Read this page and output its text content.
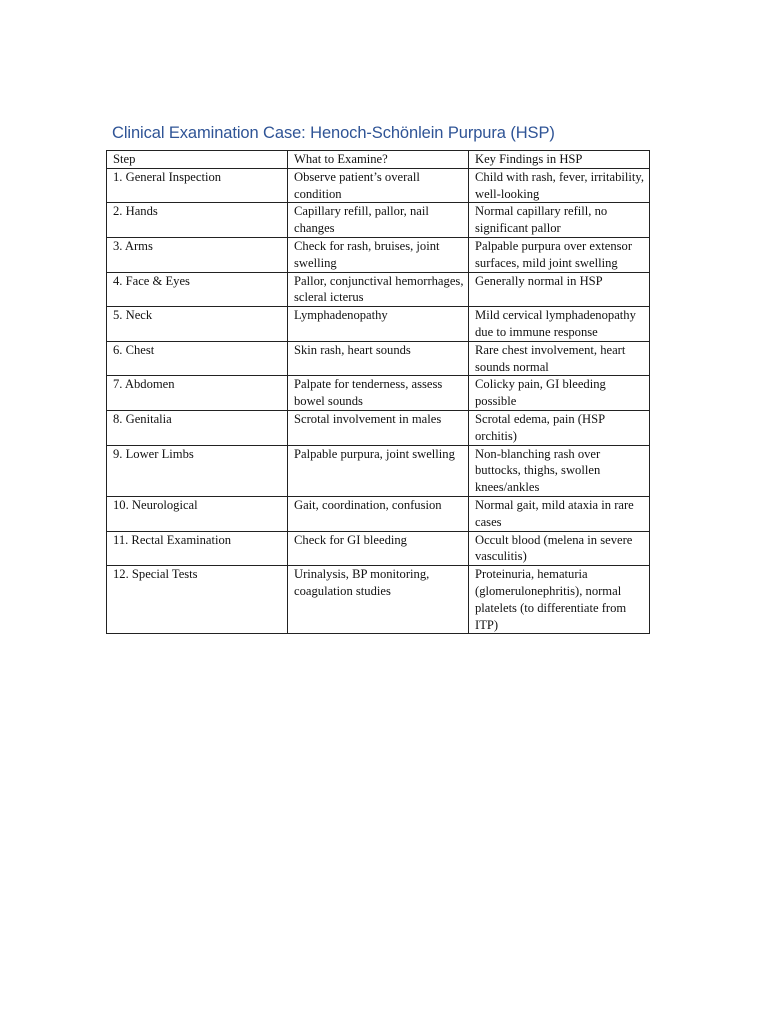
Clinical Examination Case: Henoch-Schönlein Purpura (HSP)
Step	What to Examine?	Key Findings in HSP
1. General Inspection	Observe patient’s overall condition	Child with rash, fever, irritability, well-looking
2. Hands	Capillary refill, pallor, nail changes	Normal capillary refill, no significant pallor
3. Arms	Check for rash, bruises, joint swelling	Palpable purpura over extensor surfaces, mild joint swelling
4. Face & Eyes	Pallor, conjunctival hemorrhages, scleral icterus	Generally normal in HSP
5. Neck	Lymphadenopathy	Mild cervical lymphadenopathy due to immune response
6. Chest	Skin rash, heart sounds	Rare chest involvement, heart sounds normal
7. Abdomen	Palpate for tenderness, assess bowel sounds	Colicky pain, GI bleeding possible
8. Genitalia	Scrotal involvement in males	Scrotal edema, pain (HSP orchitis)
9. Lower Limbs	Palpable purpura, joint swelling	Non-blanching rash over buttocks, thighs, swollen knees/ankles
10. Neurological	Gait, coordination, confusion	Normal gait, mild ataxia in rare cases
11. Rectal Examination	Check for GI bleeding	Occult blood (melena in severe vasculitis)
12. Special Tests	Urinalysis, BP monitoring, coagulation studies	Proteinuria, hematuria (glomerulonephritis), normal platelets (to differentiate from ITP)
